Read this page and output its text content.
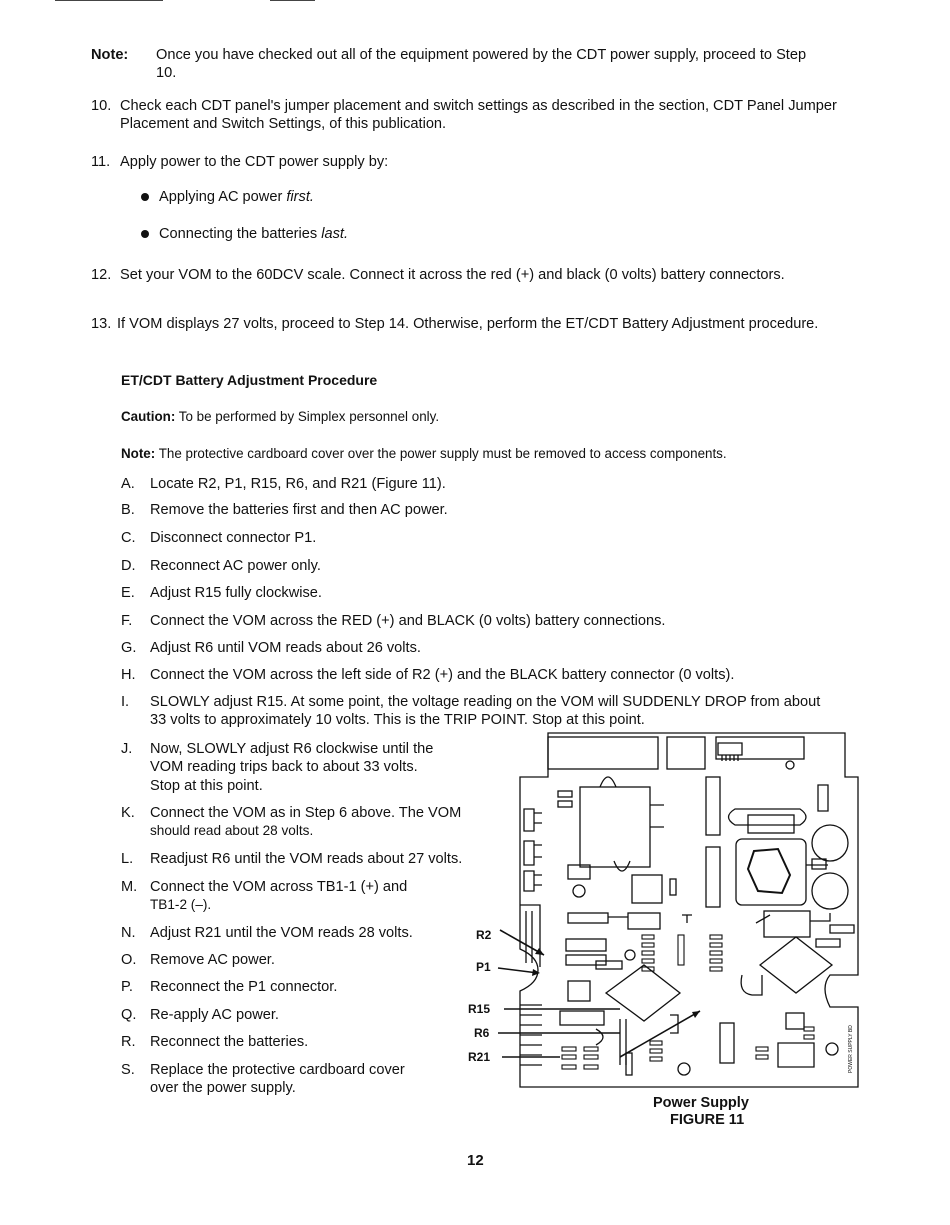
Note: Once you have checked out all of the equipment powered by the CDT power supply, proceed to Step
10.
10. Check each CDT panel's jumper placement and switch settings as described in the section, CDT Panel Jumper
Placement and Switch Settings, of this publication.
11. Apply power to the CDT power supply by:
Applying AC power first.
Connecting the batteries last.
12. Set your VOM to the 60DCV scale. Connect it across the red (+) and black (0 volts) battery connectors.
13. If VOM displays 27 volts, proceed to Step 14. Otherwise, perform the ET/CDT Battery Adjustment procedure.
ET/CDT Battery Adjustment Procedure
Caution: To be performed by Simplex personnel only.
Note: The protective cardboard cover over the power supply must be removed to access components.
A. Locate R2, P1, R15, R6, and R21 (Figure 11).
B. Remove the batteries first and then AC power.
C. Disconnect connector P1.
D. Reconnect AC power only.
E. Adjust R15 fully clockwise.
F. Connect the VOM across the RED (+) and BLACK (0 volts) battery connections.
G. Adjust R6 until VOM reads about 26 volts.
H. Connect the VOM across the left side of R2 (+) and the BLACK battery connector (0 volts).
I. SLOWLY adjust R15. At some point, the voltage reading on the VOM will SUDDENLY DROP from about
33 volts to approximately 10 volts. This is the TRIP POINT. Stop at this point.
J. Now, SLOWLY adjust R6 clockwise until the
VOM reading trips back to about 33 volts.
Stop at this point.
K. Connect the VOM as in Step 6 above. The VOM
should read about 28 volts.
L. Readjust R6 until the VOM reads about 27 volts.
M. Connect the VOM across TB1-1 (+) and
TB1-2 (–).
N. Adjust R21 until the VOM reads 28 volts.
O. Remove AC power.
P. Reconnect the P1 connector.
Q. Re-apply AC power.
R. Reconnect the batteries.
S. Replace the protective cardboard cover
over the power supply.
R2
P1
R15
R6
R21	POWER SUPPLY BD
Power Supply
FIGURE 11
12
